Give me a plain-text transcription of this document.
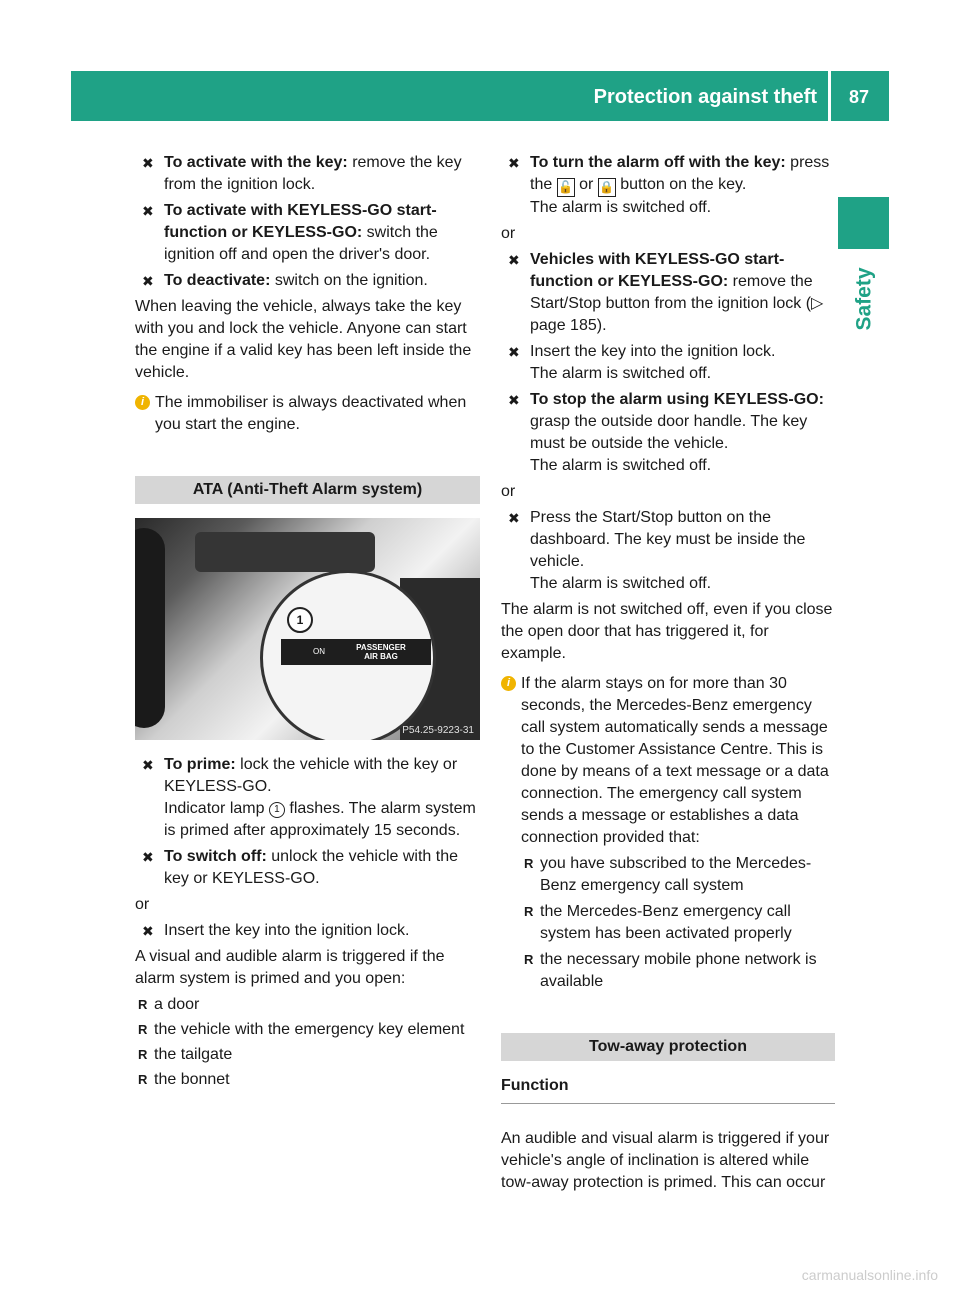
Protection against theft	87
Safety
✖ To activate with the key: remove the key from the ignition lock.
✖ To activate with KEYLESS-GO start-function or KEYLESS-GO: switch the ignition off and open the driver's door.
✖ To deactivate: switch on the ignition.

When leaving the vehicle, always take the key with you and lock the vehicle. Anyone can start the engine if a valid key has been left inside the vehicle.

i The immobiliser is always deactivated when you start the engine.
ATA (Anti-Theft Alarm system)
1
ON	PASSENGER AIR BAG
P54.25-9223-31
✖ To prime: lock the vehicle with the key or KEYLESS-GO.
Indicator lamp 1 flashes. The alarm system is primed after approximately 15 seconds.
✖ To switch off: unlock the vehicle with the key or KEYLESS-GO.

or

✖ Insert the key into the ignition lock.

A visual and audible alarm is triggered if the alarm system is primed and you open:

R a door
R the vehicle with the emergency key element
R the tailgate
R the bonnet
✖ To turn the alarm off with the key: press the 🔓 or 🔒 button on the key.
The alarm is switched off.

or

✖ Vehicles with KEYLESS-GO start-function or KEYLESS-GO: remove the Start/Stop button from the ignition lock (▷ page 185).
✖ Insert the key into the ignition lock.
The alarm is switched off.
✖ To stop the alarm using KEYLESS-GO: grasp the outside door handle. The key must be outside the vehicle.
The alarm is switched off.

or

✖ Press the Start/Stop button on the dashboard. The key must be inside the vehicle.
The alarm is switched off.

The alarm is not switched off, even if you close the open door that has triggered it, for example.

i If the alarm stays on for more than 30 seconds, the Mercedes-Benz emergency call system automatically sends a message to the Customer Assistance Centre. This is done by means of a text message or a data connection. The emergency call system sends a message or establishes a data connection provided that:
R you have subscribed to the Mercedes-Benz emergency call system
R the Mercedes-Benz emergency call system has been activated properly
R the necessary mobile phone network is available
Tow-away protection
Function

An audible and visual alarm is triggered if your vehicle's angle of inclination is altered while tow-away protection is primed. This can occur

carmanualsonline.info
